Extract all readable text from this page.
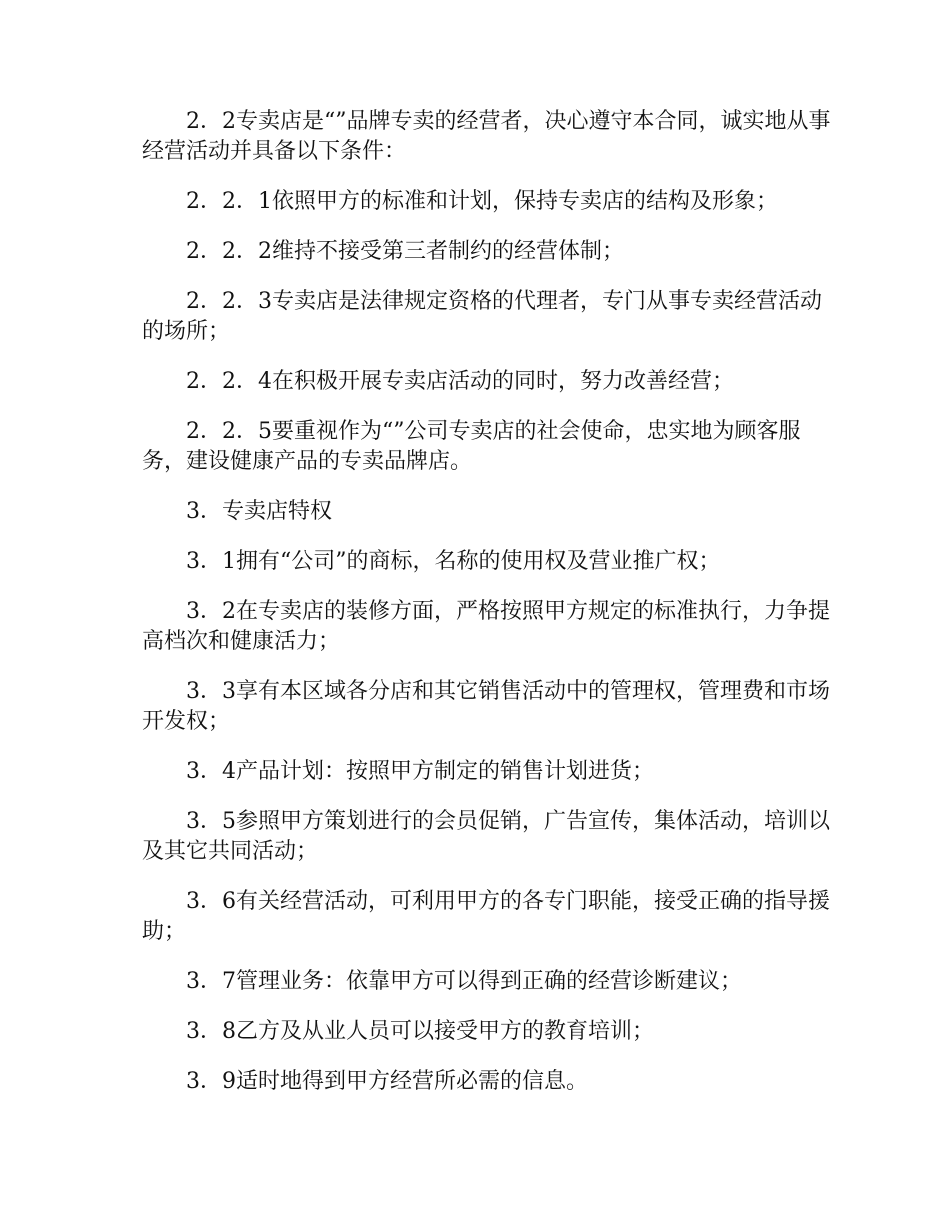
2．2专卖店是“”品牌专卖的经营者，决心遵守本合同，诚实地从事经营活动并具备以下条件：

2．2．1依照甲方的标准和计划，保持专卖店的结构及形象；

2．2．2维持不接受第三者制约的经营体制；

2．2．3专卖店是法律规定资格的代理者，专门从事专卖经营活动的场所；

2．2．4在积极开展专卖店活动的同时，努力改善经营；

2．2．5要重视作为“”公司专卖店的社会使命，忠实地为顾客服务，建设健康产品的专卖品牌店。

3．专卖店特权

3．1拥有“公司”的商标，名称的使用权及营业推广权；

3．2在专卖店的装修方面，严格按照甲方规定的标准执行，力争提高档次和健康活力；

3．3享有本区域各分店和其它销售活动中的管理权，管理费和市场开发权；

3．4产品计划：按照甲方制定的销售计划进货；

3．5参照甲方策划进行的会员促销，广告宣传，集体活动，培训以及其它共同活动；

3．6有关经营活动，可利用甲方的各专门职能，接受正确的指导援助；

3．7管理业务：依靠甲方可以得到正确的经营诊断建议；

3．8乙方及从业人员可以接受甲方的教育培训；

3．9适时地得到甲方经营所必需的信息。
